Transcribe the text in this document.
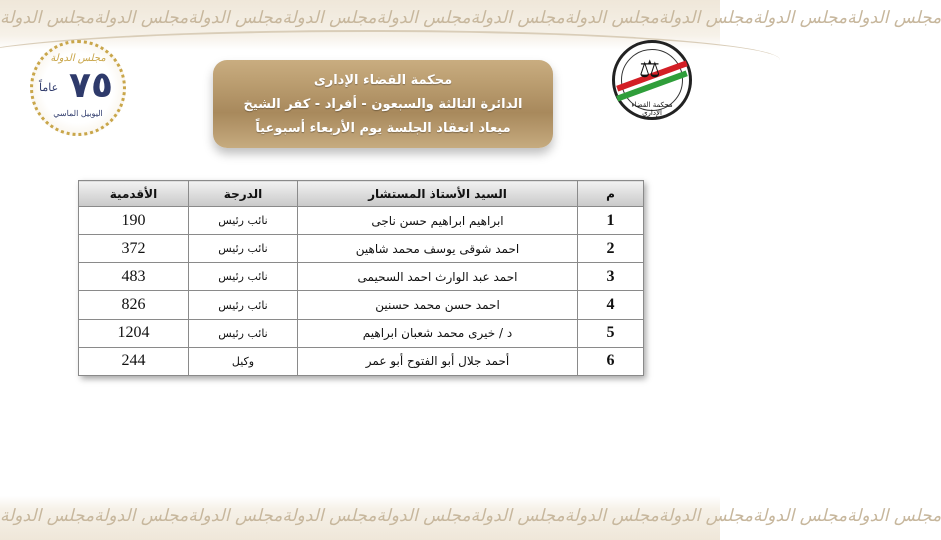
مجلس الدولة مجلس الدولة مجلس الدولة مجلس الدولة مجلس الدولة مجلس الدولة مجلس الدولة مجلس الدولة مجلس الدولة مجلس الدولة
مجلس الدولة
٧٥
عاماً
اليوبيل الماسي
⚖
محكمة القضاء الإداري
محكمة القضاء الإدارى
الدائرة الثالثة والسبعون - أفراد - كفر الشيخ
ميعاد انعقاد الجلسة يوم الأربعاء أسبوعياً
م	السيد الأستاذ المستشار	الدرجة	الأقدمية
1	ابراهيم ابراهيم حسن ناجى	نائب رئيس	190
2	احمد شوقى يوسف محمد شاهين	نائب رئيس	372
3	احمد عبد الوارث احمد السحيمى	نائب رئيس	483
4	احمد حسن محمد حسنين	نائب رئيس	826
5	د / خيرى محمد شعبان ابراهيم	نائب رئيس	1204
6	أحمد جلال أبو الفتوح أبو عمر	وكيل	244
مجلس الدولة مجلس الدولة مجلس الدولة مجلس الدولة مجلس الدولة مجلس الدولة مجلس الدولة مجلس الدولة مجلس الدولة مجلس الدولة
